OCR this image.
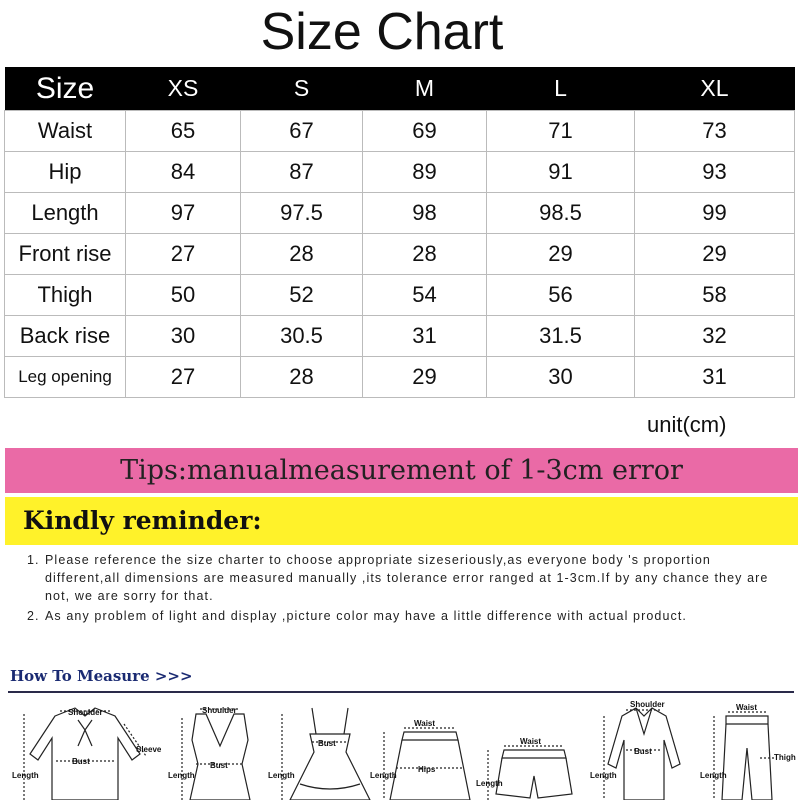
Size Chart
Size	XS	S	M	L	XL
Waist	65	67	69	71	73
Hip	84	87	89	91	93
Length	97	97.5	98	98.5	99
Front rise	27	28	28	29	29
Thigh	50	52	54	56	58
Back rise	30	30.5	31	31.5	32
Leg opening	27	28	29	30	31
unit(cm)
Tips:manualmeasurement of 1-3cm error
Kindly reminder:
1. Please reference the size charter to choose appropriate sizeseriously,as everyone body 's proportion different,all dimensions are measured manually ,its tolerance error ranged at 1-3cm.If by any chance they are not, we are sorry for that.
2. As any problem of light and display ,picture color may have a little difference with actual product.
How To Measure >>>
Shoulder
Bust
Sleeve
Length
Shoulder
Bust
Length
Bust
Length
Waist
Hips
Length
Waist
Length
Shoulder
Bust
Length
Waist
Thigh
Length
